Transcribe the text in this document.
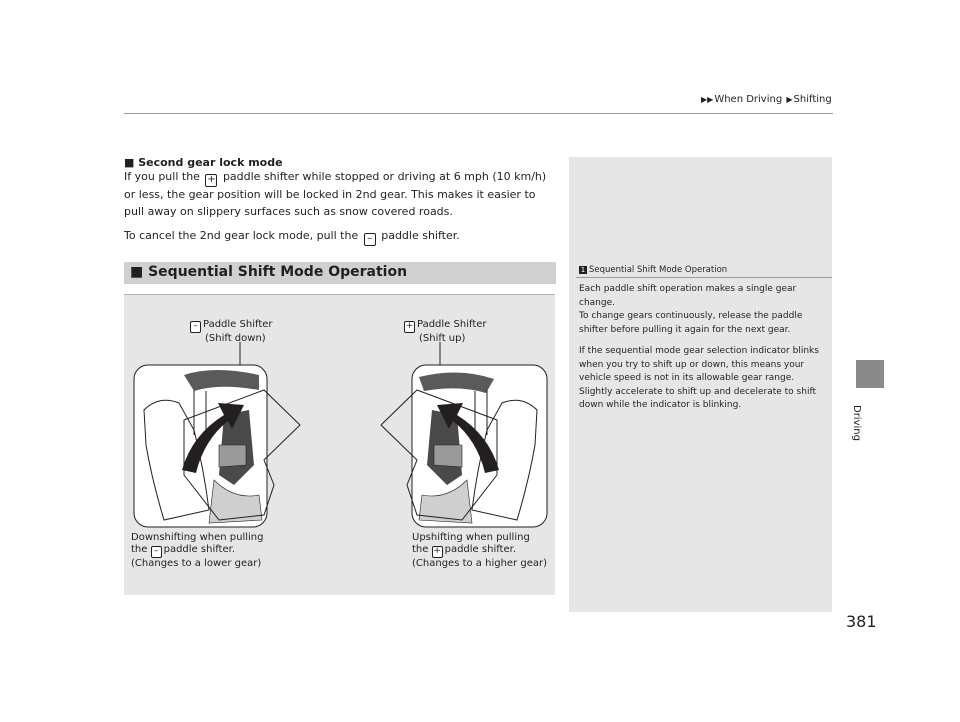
▶▶When Driving ▶Shifting
Driving
381
■ Second gear lock mode

If you pull the + paddle shifter while stopped or driving at 6 mph (10 km/h) or less, the gear position will be locked in 2nd gear. This makes it easier to pull away on slippery surfaces such as snow covered roads.

To cancel the 2nd gear lock mode, pull the – paddle shifter.

1 Sequential Shift Mode Operation

Each paddle shift operation makes a single gear change.
To change gears continuously, release the paddle shifter before pulling it again for the next gear.

If the sequential mode gear selection indicator blinks when you try to shift up or down, this means your vehicle speed is not in its allowable gear range. Slightly accelerate to shift up and decelerate to shift down while the indicator is blinking.

■ Sequential Shift Mode Operation
– Paddle Shifter
(Shift down)
+ Paddle Shifter
(Shift up)
Downshifting when pulling
the – paddle shifter.
(Changes to a lower gear)
Upshifting when pulling
the + paddle shifter.
(Changes to a higher gear)
